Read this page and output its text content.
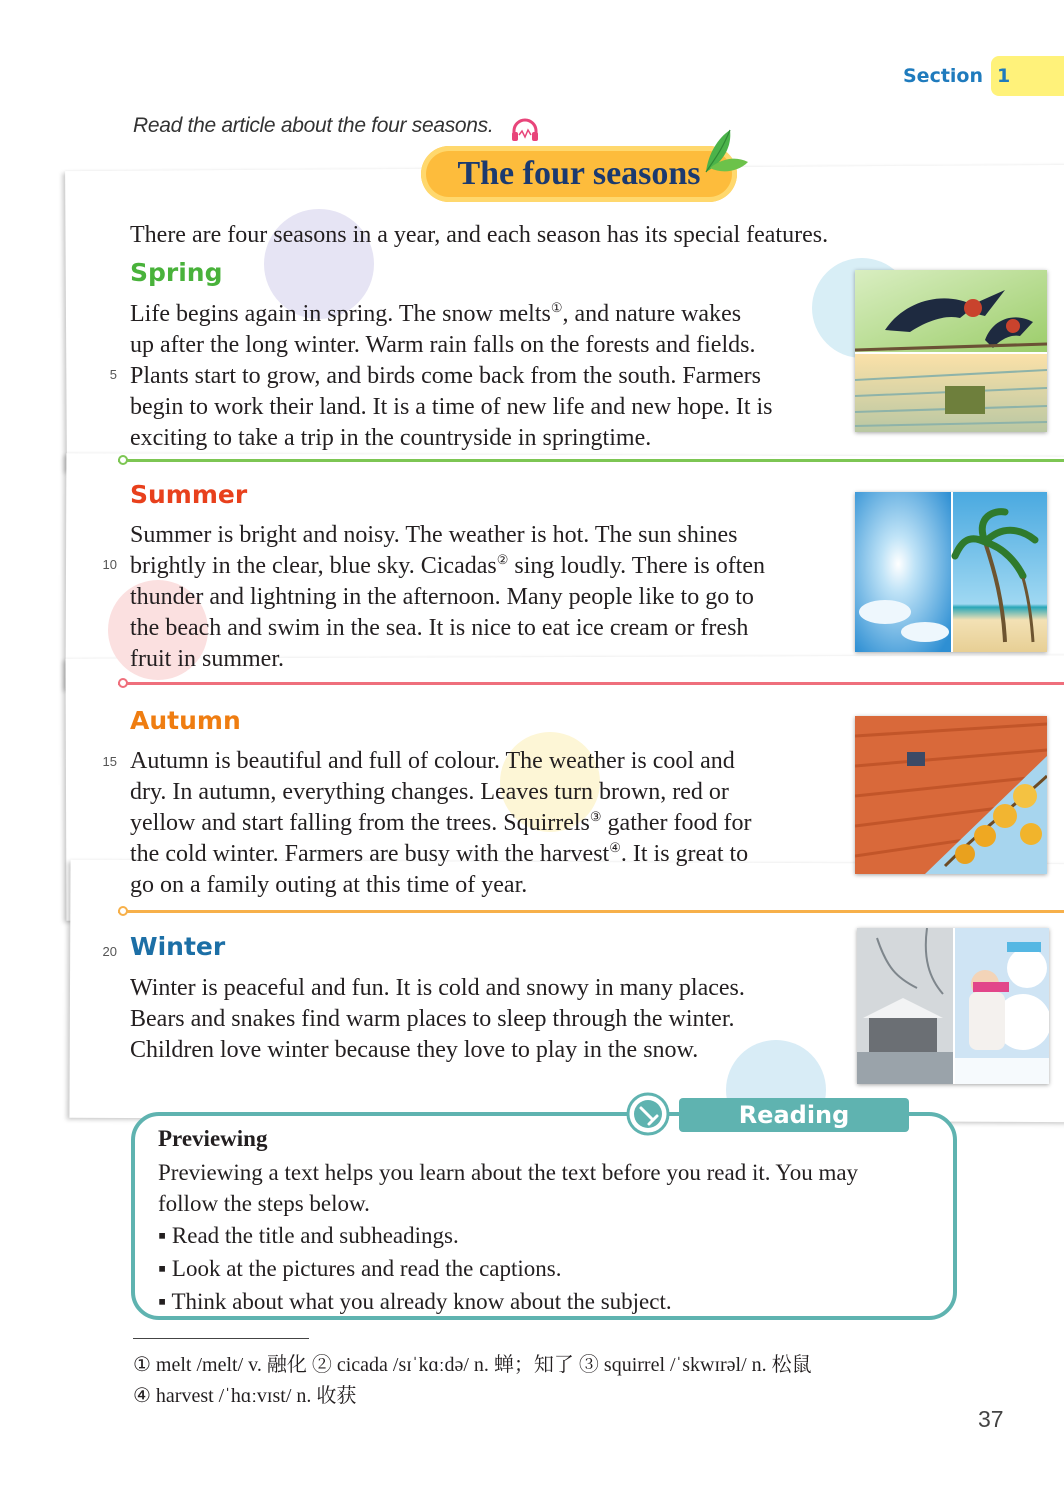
Section 1
Read the article about the four seasons.
The four seasons
There are four seasons in a year, and each season has its special features.
Spring

Life begins again in spring. The snow melts①, and nature wakes
up after the long winter. Warm rain falls on the forests and fields.
Plants start to grow, and birds come back from the south. Farmers
begin to work their land. It is a time of new life and new hope. It is
exciting to take a trip in the countryside in springtime.

5
Summer

Summer is bright and noisy. The weather is hot. The sun shines
brightly in the clear, blue sky. Cicadas② sing loudly. There is often
thunder and lightning in the afternoon. Many people like to go to
the beach and swim in the sea. It is nice to eat ice cream or fresh
fruit in summer.

10
Autumn

Autumn is beautiful and full of colour. The weather is cool and
dry. In autumn, everything changes. Leaves turn brown, red or
yellow and start falling from the trees. Squirrels③ gather food for
the cold winter. Farmers are busy with the harvest④. It is great to
go on a family outing at this time of year.

15
Winter

Winter is peaceful and fun. It is cold and snowy in many places.
Bears and snakes find warm places to sleep through the winter.
Children love winter because they love to play in the snow.

20
Reading strategy
Previewing
Previewing a text helps you learn about the text before you read it. You may
follow the steps below.
▪ Read the title and subheadings.
▪ Look at the pictures and read the captions.
▪ Think about what you already know about the subject.
① melt /melt/ v. 融化 ② cicada /sɪˈkɑːdə/ n. 蝉；知了 ③ squirrel /ˈskwɪrəl/ n. 松鼠
④ harvest /ˈhɑːvɪst/ n. 收获
37
